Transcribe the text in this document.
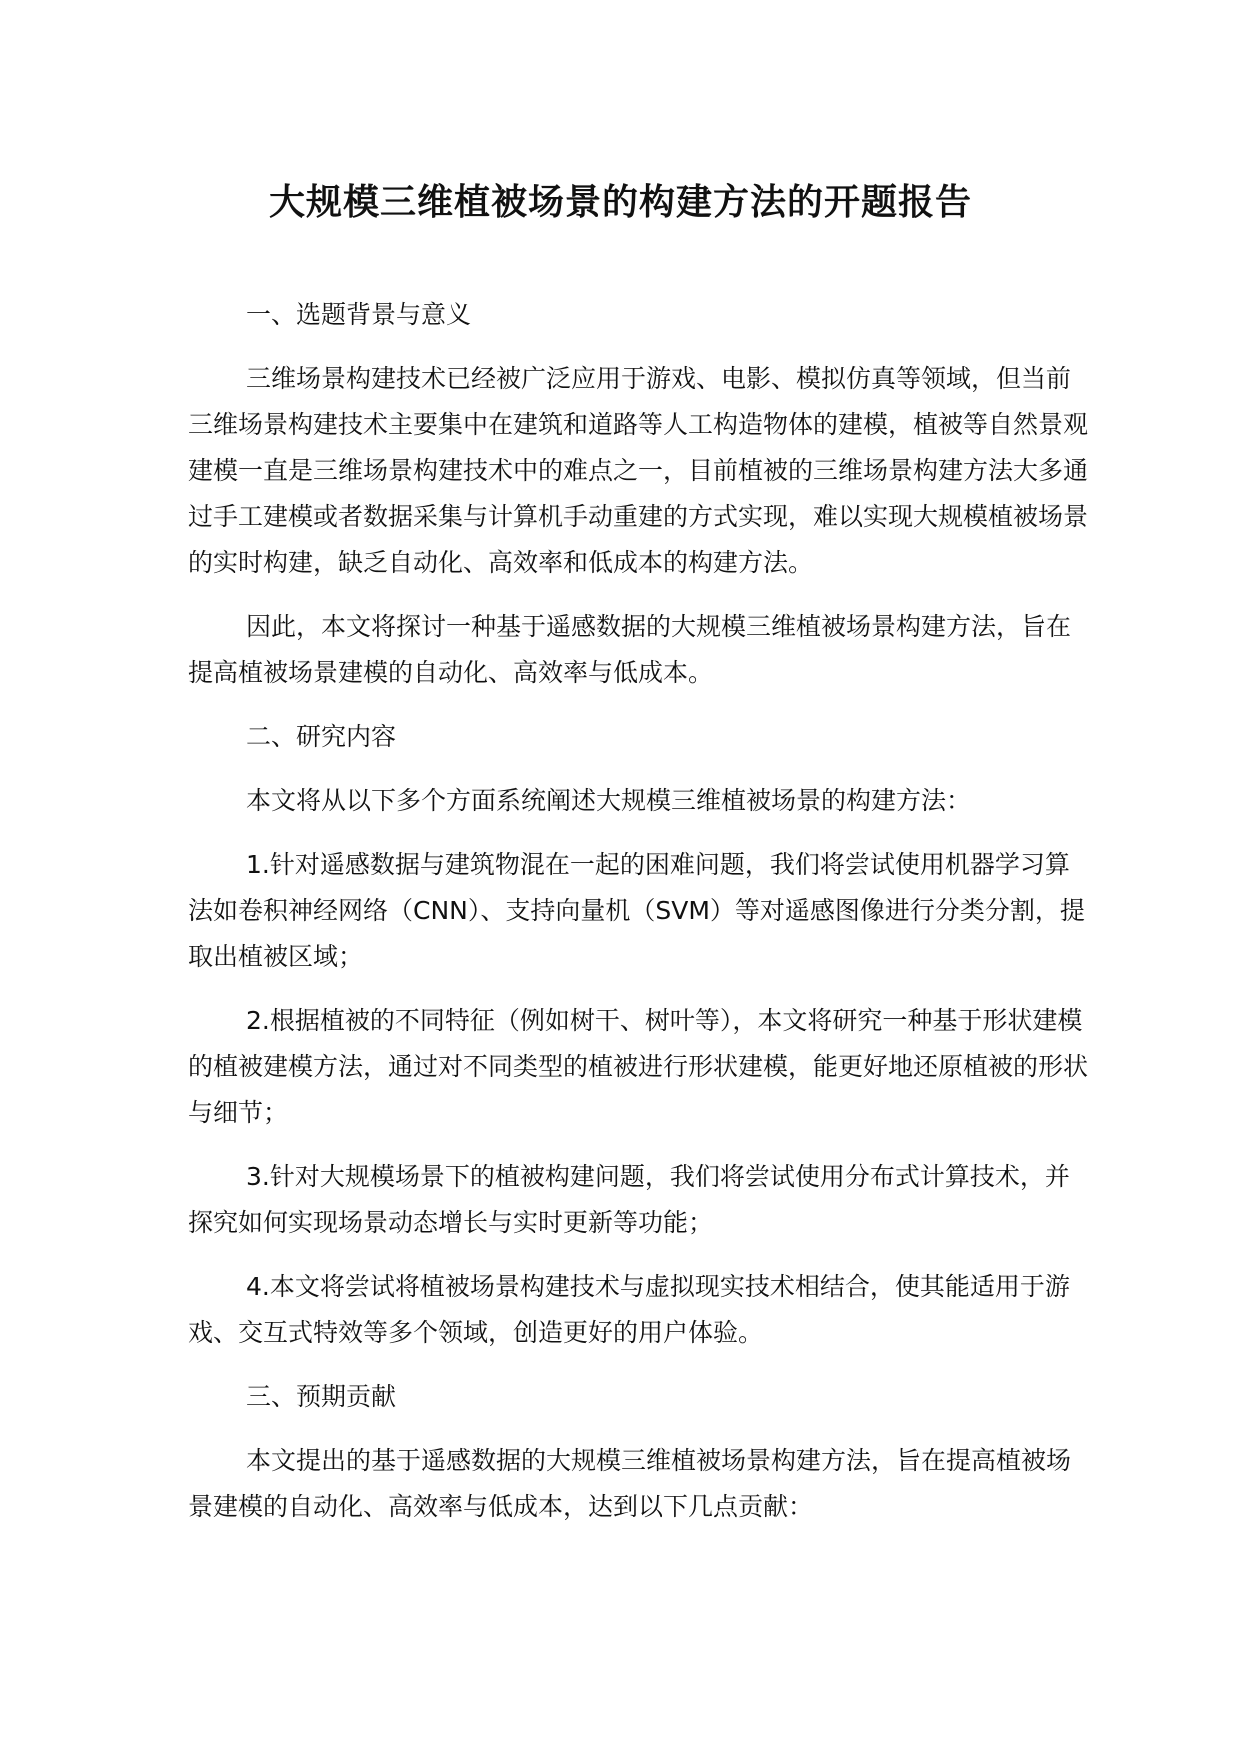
大规模三维植被场景的构建方法的开题报告

一、选题背景与意义

三维场景构建技术已经被广泛应用于游戏、电影、模拟仿真等领域，但当前三维场景构建技术主要集中在建筑和道路等人工构造物体的建模，植被等自然景观建模一直是三维场景构建技术中的难点之一，目前植被的三维场景构建方法大多通过手工建模或者数据采集与计算机手动重建的方式实现，难以实现大规模植被场景的实时构建，缺乏自动化、高效率和低成本的构建方法。

因此，本文将探讨一种基于遥感数据的大规模三维植被场景构建方法，旨在提高植被场景建模的自动化、高效率与低成本。

二、研究内容

本文将从以下多个方面系统阐述大规模三维植被场景的构建方法：

1.针对遥感数据与建筑物混在一起的困难问题，我们将尝试使用机器学习算法如卷积神经网络（CNN）、支持向量机（SVM）等对遥感图像进行分类分割，提取出植被区域；

2.根据植被的不同特征（例如树干、树叶等），本文将研究一种基于形状建模的植被建模方法，通过对不同类型的植被进行形状建模，能更好地还原植被的形状与细节；

3.针对大规模场景下的植被构建问题，我们将尝试使用分布式计算技术，并探究如何实现场景动态增长与实时更新等功能；

4.本文将尝试将植被场景构建技术与虚拟现实技术相结合，使其能适用于游戏、交互式特效等多个领域，创造更好的用户体验。

三、预期贡献

本文提出的基于遥感数据的大规模三维植被场景构建方法，旨在提高植被场景建模的自动化、高效率与低成本，达到以下几点贡献：
